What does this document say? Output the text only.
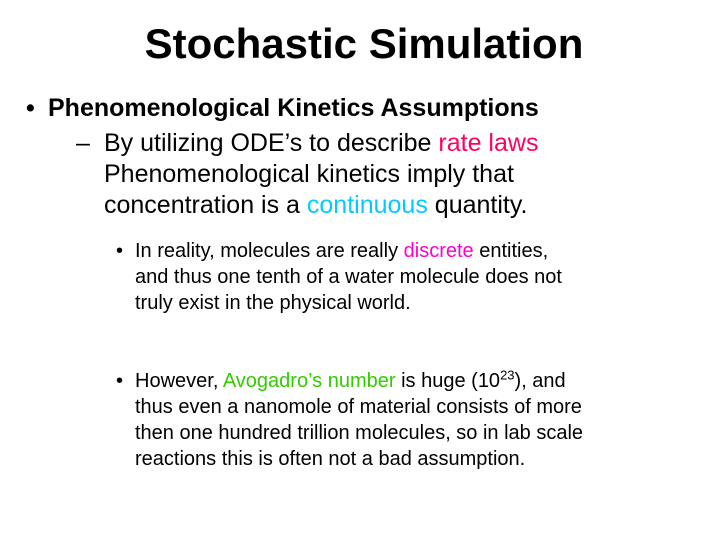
Stochastic Simulation
• Phenomenological Kinetics Assumptions
– By utilizing ODE’s to describe rate laws
Phenomenological kinetics imply that
concentration is a continuous quantity.
• In reality, molecules are really discrete entities,
and thus one tenth of a water molecule does not
truly exist in the physical world.
• However, Avogadro’s number is huge $(10^{23})$, and
thus even a nanomole of material consists of more
then one hundred trillion molecules, so in lab scale
reactions this is often not a bad assumption.
